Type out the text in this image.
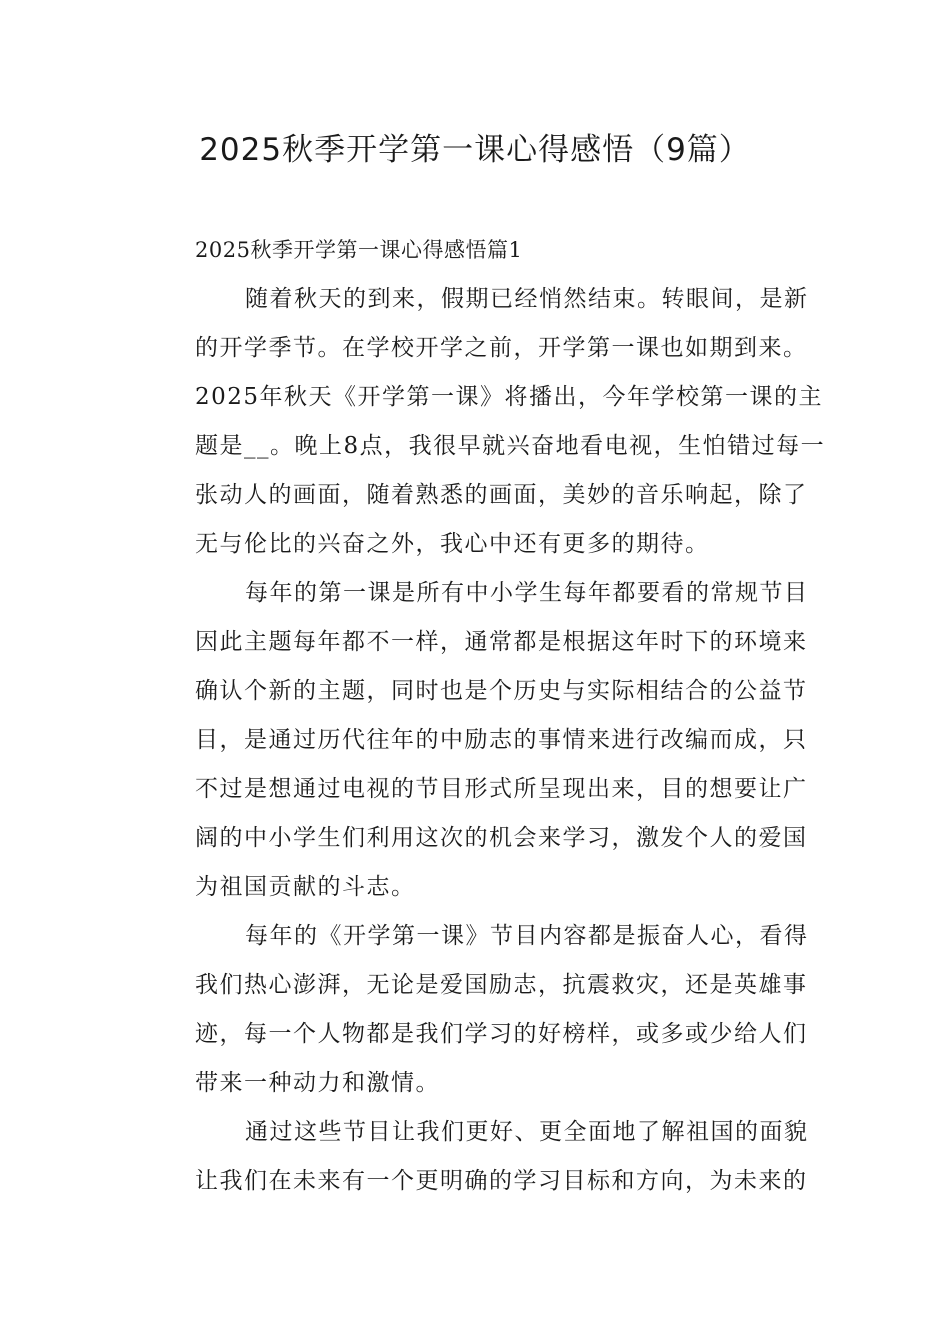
2025秋季开学第一课心得感悟（9篇）

2025秋季开学第一课心得感悟篇1

随着秋天的到来，假期已经悄然结束。转眼间，是新
的开学季节。在学校开学之前，开学第一课也如期到来。
2025年秋天《开学第一课》将播出，今年学校第一课的主
题是__。晚上8点，我很早就兴奋地看电视，生怕错过每一
张动人的画面，随着熟悉的画面，美妙的音乐响起，除了
无与伦比的兴奋之外，我心中还有更多的期待。
每年的第一课是所有中小学生每年都要看的常规节目
因此主题每年都不一样，通常都是根据这年时下的环境来
确认个新的主题，同时也是个历史与实际相结合的公益节
目，是通过历代往年的中励志的事情来进行改编而成，只
不过是想通过电视的节目形式所呈现出来，目的想要让广
阔的中小学生们利用这次的机会来学习，激发个人的爱国
为祖国贡献的斗志。
每年的《开学第一课》节目内容都是振奋人心，看得
我们热心澎湃，无论是爱国励志，抗震救灾，还是英雄事
迹，每一个人物都是我们学习的好榜样，或多或少给人们
带来一种动力和激情。
通过这些节目让我们更好、更全面地了解祖国的面貌
让我们在未来有一个更明确的学习目标和方向，为未来的
